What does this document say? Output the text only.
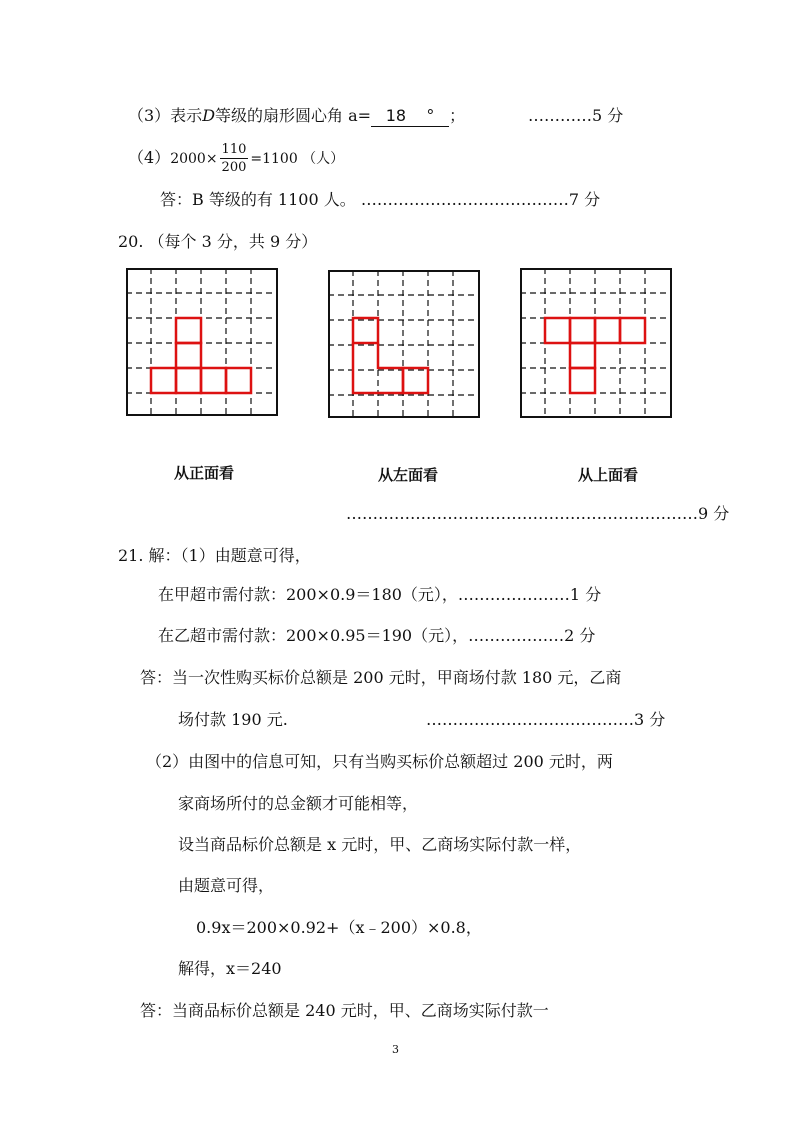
（3）表示D等级的扇形圆心角 a= 18 ° ；	…………5 分
$(4)2000\times \frac{110}{200} =1100$ （人）
答：B 等级的有 1100 人。 …………………………………7 分
20. （每个 3 分，共 9 分）
从正面看	从左面看	从上面看
…………………………………………………………9 分
21. 解：（1）由题意可得，
在甲超市需付款：200×0.9＝180（元），…………………1 分
在乙超市需付款：200×0.95＝190（元），………………2 分
答：当一次性购买标价总额是 200 元时，甲商场付款 180 元，乙商
场付款 190 元.	…………………………………3 分
（2）由图中的信息可知，只有当购买标价总额超过 200 元时，两
家商场所付的总金额才可能相等，
设当商品标价总额是 x 元时，甲、乙商场实际付款一样，
由题意可得，
0.9x＝200×0.92+（x﹣200）×0.8，
解得，x＝240
答：当商品标价总额是 240 元时，甲、乙商场实际付款一
3
